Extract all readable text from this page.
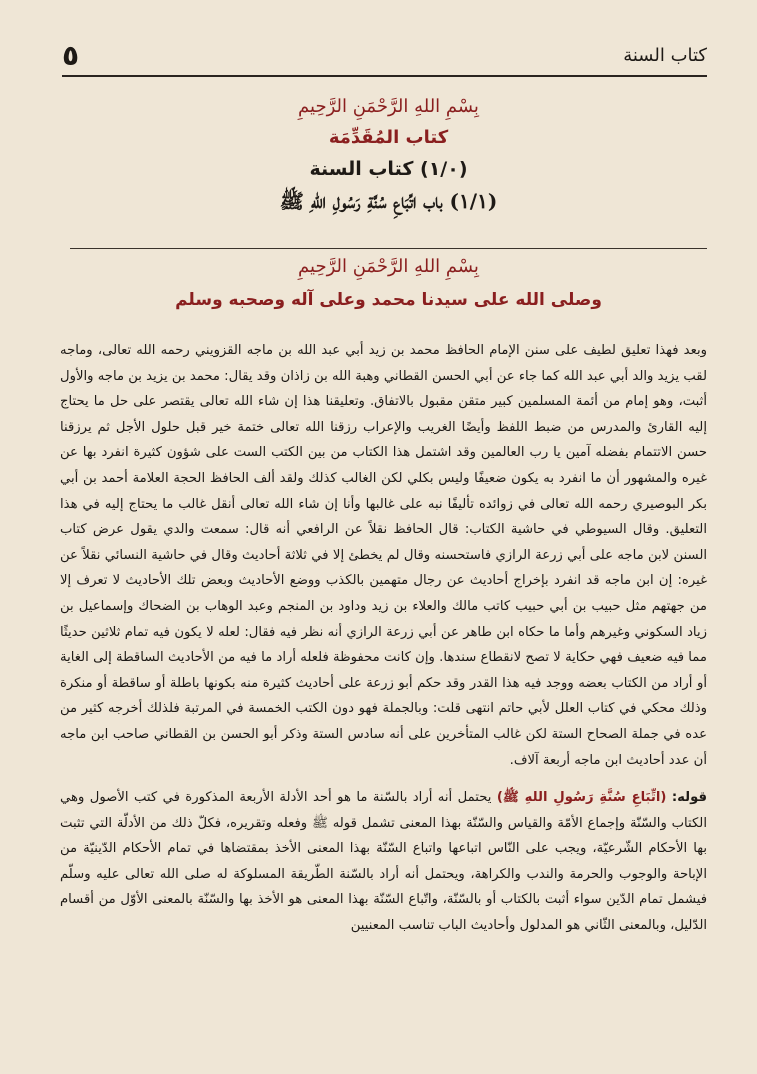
٥	كتاب السنة
بِسْمِ اللهِ الرَّحْمَنِ الرَّحِيمِ
كتاب المُقَدِّمَة
(١/٠) كتاب السنة
(١/١) باب اتِّبَاعِ سُنَّةِ رَسُولِ اللهِ ﷺ
بِسْمِ اللهِ الرَّحْمَنِ الرَّحِيمِ
وصلى الله على سيدنا محمد وعلى آله وصحبه وسلم

وبعد فهذا تعليق لطيف على سنن الإمام الحافظ محمد بن زيد أبي عبد الله بن ماجه القزويني رحمه الله تعالى، وماجه لقب يزيد والد أبي عبد الله كما جاء عن أبي الحسن القطاني وهبة الله بن زاذان وقد يقال: محمد بن يزيد بن ماجه والأول أثبت، وهو إمام من أئمة المسلمين كبير متقن مقبول بالاتفاق. وتعليقنا هذا إن شاء الله تعالى يقتصر على حل ما يحتاج إليه القارئ والمدرس من ضبط اللفظ وأيضًا الغريب والإعراب رزقنا الله تعالى ختمة خير قبل حلول الأجل ثم يرزقنا حسن الاتتمام بفضله آمين يا رب العالمين وقد اشتمل هذا الكتاب من بين الكتب الست على شؤون كثيرة انفرد بها عن غيره والمشهور أن ما انفرد به يكون ضعيفًا وليس بكلي لكن الغالب كذلك ولقد ألف الحافظ الحجة العلامة أحمد بن أبي بكر البوصيري رحمه الله تعالى في زوائده تأليفًا نبه على غالبها وأنا إن شاء الله تعالى أنقل غالب ما يحتاج إليه في هذا التعليق. وقال السيوطي في حاشية الكتاب: قال الحافظ نقلاً عن الرافعي أنه قال: سمعت والدي يقول عرض كتاب السنن لابن ماجه على أبي زرعة الرازي فاستحسنه وقال لم يخطئ إلا في ثلاثة أحاديث وقال في حاشية النسائي نقلاً عن غيره: إن ابن ماجه قد انفرد بإخراج أحاديث عن رجال متهمين بالكذب ووضع الأحاديث وبعض تلك الأحاديث لا تعرف إلا من جهتهم مثل حبيب بن أبي حبيب كاتب مالك والعلاء بن زيد وداود بن المنجم وعبد الوهاب بن الضحاك وإسماعيل بن زياد السكوني وغيرهم وأما ما حكاه ابن طاهر عن أبي زرعة الرازي أنه نظر فيه فقال: لعله لا يكون فيه تمام ثلاثين حديثًا مما فيه ضعيف فهي حكاية لا تصح لانقطاع سندها. وإن كانت محفوظة فلعله أراد ما فيه من الأحاديث الساقطة إلى الغاية أو أراد من الكتاب بعضه ووجد فيه هذا القدر وقد حكم أبو زرعة على أحاديث كثيرة منه بكونها باطلة أو ساقطة أو منكرة وذلك محكي في كتاب العلل لأبي حاتم انتهى قلت: وبالجملة فهو دون الكتب الخمسة في المرتبة فلذلك أخرجه كثير من عده في جملة الصحاح الستة لكن غالب المتأخرين على أنه سادس الستة وذكر أبو الحسن بن القطاني صاحب ابن ماجه أن عدد أحاديث ابن ماجه أربعة آلاف.

قوله: (اتِّبَاعِ سُنَّةِ رَسُولِ اللهِ ﷺ) يحتمل أنه أراد بالسّنة ما هو أحد الأدلة الأربعة المذكورة في كتب الأصول وهي الكتاب والسّنّة وإجماع الأمّة والقياس والسّنّة بهذا المعنى تشمل قوله ﷺ وفعله وتقريره، فكلّ ذلك من الأدلّة التي تثبت بها الأحكام الشّرعيّة، ويجب على النّاس اتباعها واتباع السّنّة بهذا المعنى الأخذ بمقتضاها في تمام الأحكام الدّينيّة من الإباحة والوجوب والحرمة والندب والكراهة، ويحتمل أنه أراد بالسّنة الطّريقة المسلوكة له صلى الله تعالى عليه وسلّم فيشمل تمام الدّين سواء أثبت بالكتاب أو بالسّنّة، واتّباع السّنّة بهذا المعنى هو الأخذ بها والسّنّة بالمعنى الأوّل من أقسام الدّليل، وبالمعنى الثّاني هو المدلول وأحاديث الباب تناسب المعنيين
